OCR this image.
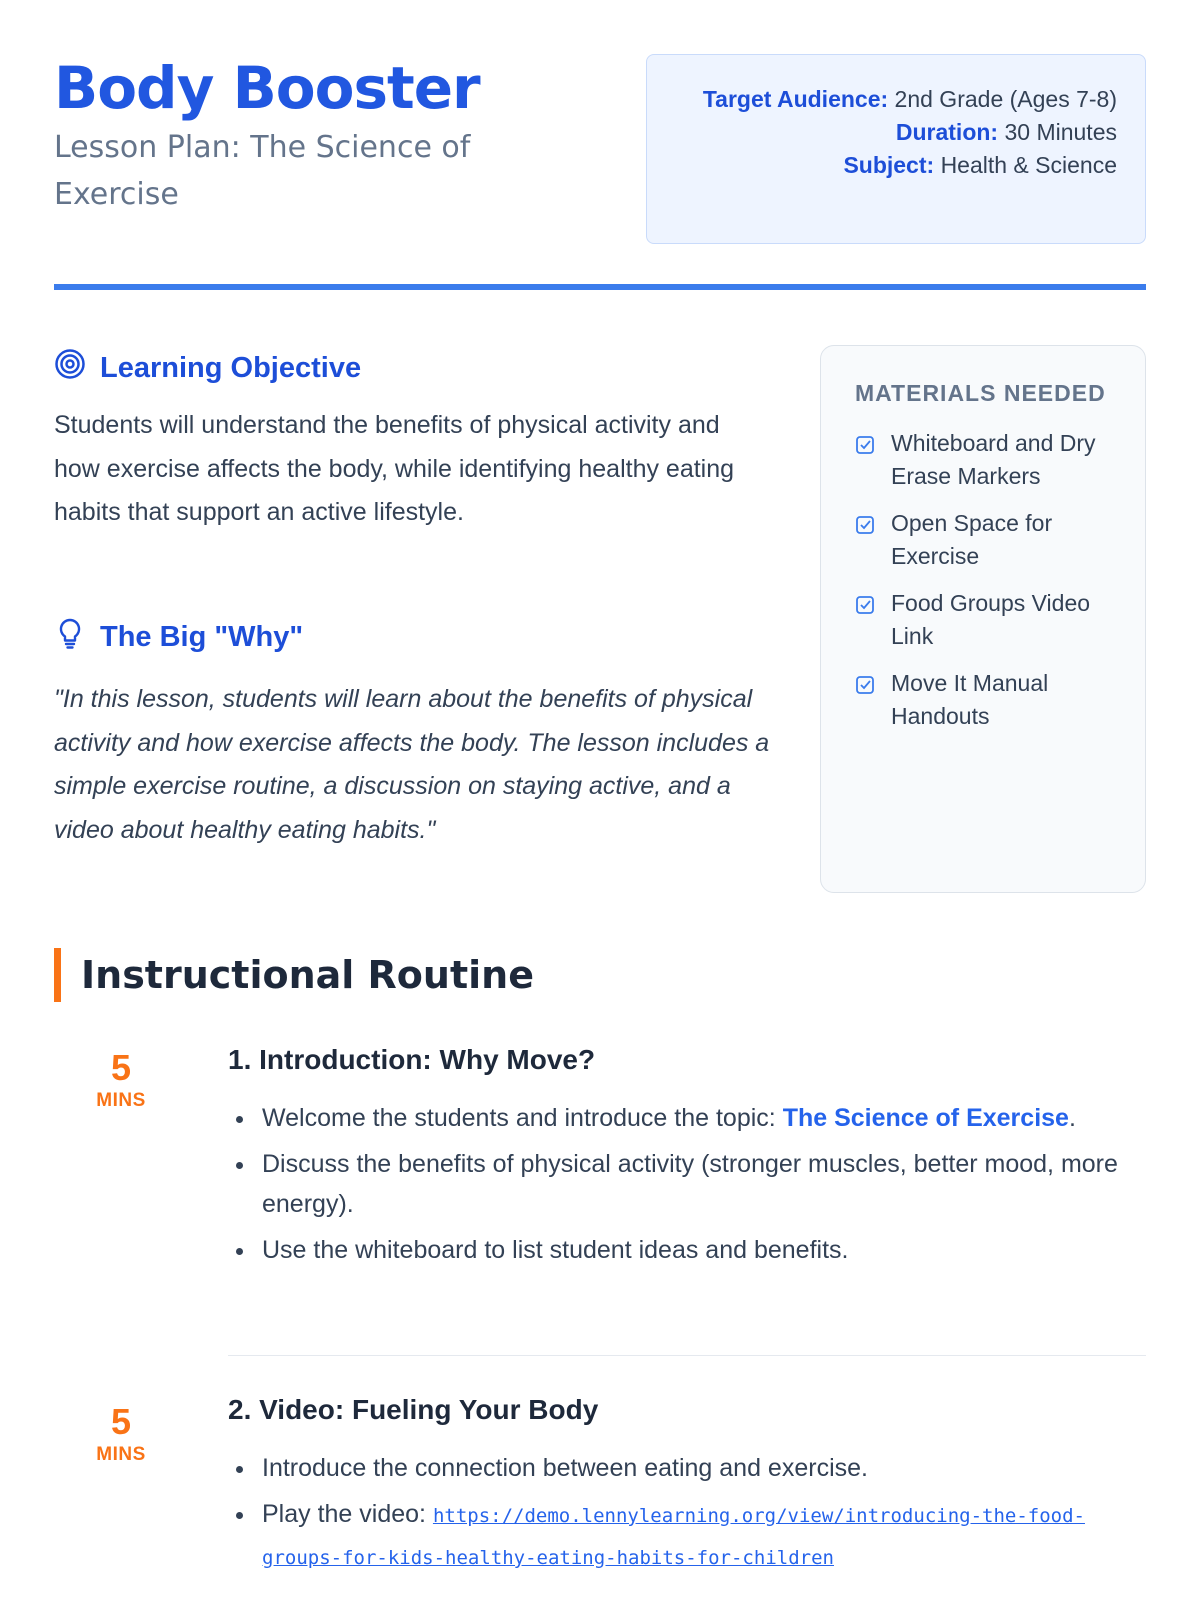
Body Booster
Lesson Plan: The Science of Exercise
Target Audience: 2nd Grade (Ages 7-8)
Duration: 30 Minutes
Subject: Health & Science
Learning Objective

Students will understand the benefits of physical activity and how exercise affects the body, while identifying healthy eating habits that support an active lifestyle.

The Big "Why"

"In this lesson, students will learn about the benefits of physical activity and how exercise affects the body. The lesson includes a simple exercise routine, a discussion on staying active, and a video about healthy eating habits."

MATERIALS NEEDED
Whiteboard and Dry Erase Markers
Open Space for Exercise
Food Groups Video Link
Move It Manual Handouts
Instructional Routine
5
MINS
1. Introduction: Why Move?
Welcome the students and introduce the topic: The Science of Exercise.
Discuss the benefits of physical activity (stronger muscles, better mood, more energy).
Use the whiteboard to list student ideas and benefits.
5
MINS
2. Video: Fueling Your Body
Introduce the connection between eating and exercise.
Play the video: https://demo.lennylearning.org/view/introducing-the-food-groups-for-kids-healthy-eating-habits-for-children
